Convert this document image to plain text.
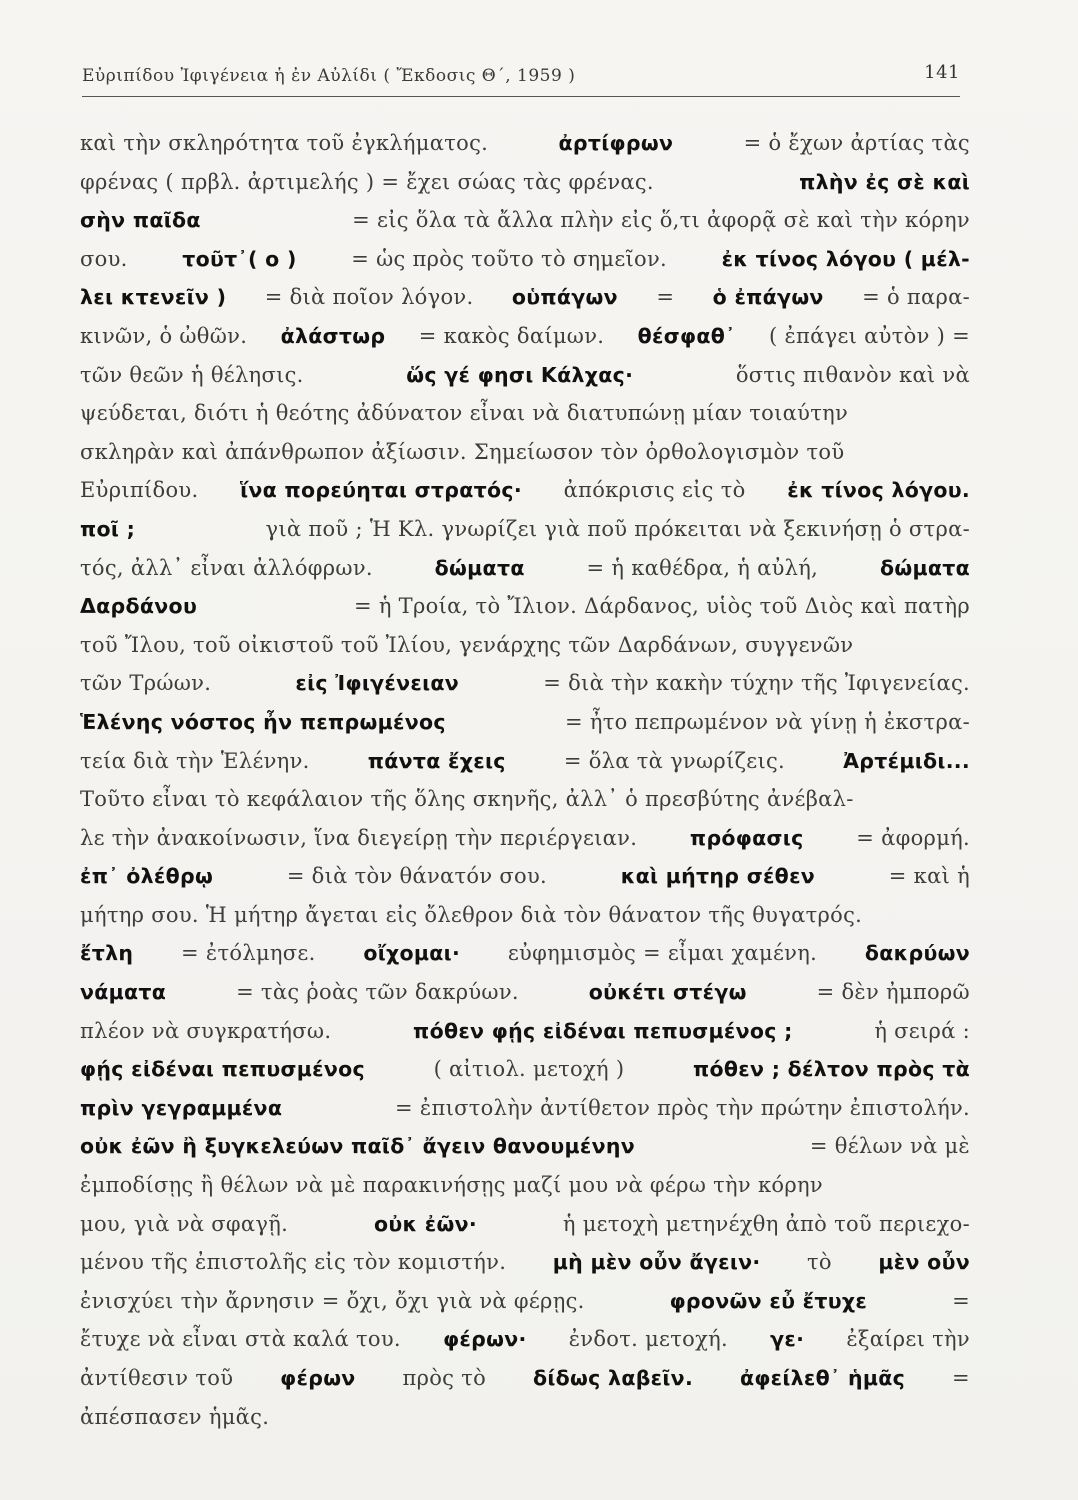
Εὐριπίδου Ἰφιγένεια ἡ ἐν Αὐλίδι ( Ἔκδοσις Θ΄, 1959 )	141
καὶ τὴν σκληρότητα τοῦ ἐγκλήματος.	ἀρτίφρων	= ὁ ἔχων ἀρτίας τὰς
φρένας ( πρβλ. ἀρτιμελής ) = ἔχει σώας τὰς φρένας.	πλὴν ἐς σὲ καὶ
σὴν παῖδα	= εἰς ὅλα τὰ ἄλλα πλὴν εἰς ὅ,τι ἀφορᾷ σὲ καὶ τὴν κόρην
σου.	τοῦτ᾽( ο )	= ὡς πρὸς τοῦτο τὸ σημεῖον.	ἐκ τίνος λόγου ( μέλ-
λει κτενεῖν ) = διὰ ποῖον λόγον. οὑπάγων = ὁ ἐπάγων = ὁ παρα-
κινῶν, ὁ ὠθῶν. ἀλάστωρ = κακὸς δαίμων. θέσφαθ᾽ ( ἐπάγει αὐτὸν ) =
τῶν θεῶν ἡ θέλησις.	ὥς γέ φησι Κάλχας·	ὅστις πιθανὸν καὶ νὰ
ψεύδεται, διότι ἡ θεότης ἀδύνατον εἶναι νὰ διατυπώνῃ μίαν τοιαύτην
σκληρὰν καὶ ἀπάνθρωπον ἀξίωσιν. Σημείωσον τὸν ὀρθολογισμὸν τοῦ
Εὐριπίδου. ἵνα πορεύηται στρατός· ἀπόκρισις εἰς τὸ ἐκ τίνος λόγου.
ποῖ ;	γιὰ ποῦ ; Ἡ Κλ. γνωρίζει γιὰ ποῦ πρόκειται νὰ ξεκινήσῃ ὁ στρα-
τός, ἀλλ᾽ εἶναι ἀλλόφρων.	δώματα	= ἡ καθέδρα, ἡ αὐλή,	δώματα
Δαρδάνου	= ἡ Τροία, τὸ Ἴλιον. Δάρδανος, υἱὸς τοῦ Διὸς καὶ πατὴρ
τοῦ Ἴλου, τοῦ οἰκιστοῦ τοῦ Ἰλίου, γενάρχης τῶν Δαρδάνων, συγγενῶν
τῶν Τρώων.	εἰς Ἰφιγένειαν	= διὰ τὴν κακὴν τύχην τῆς Ἰφιγενείας.
Ἑλένης νόστος ἦν πεπρωμένος	= ἦτο πεπρωμένον νὰ γίνῃ ἡ ἐκστρα-
τεία διὰ τὴν Ἑλένην.	πάντα ἔχεις	= ὅλα τὰ γνωρίζεις.	Ἀρτέμιδι...
Τοῦτο εἶναι τὸ κεφάλαιον τῆς ὅλης σκηνῆς, ἀλλ᾽ ὁ πρεσβύτης ἀνέβαλ-
λε τὴν ἀνακοίνωσιν, ἵνα διεγείρῃ τὴν περιέργειαν.	πρόφασις	= ἀφορμή.
ἐπ᾽ ὀλέθρῳ	= διὰ τὸν θάνατόν σου.	καὶ μήτηρ σέθεν	= καὶ ἡ
μήτηρ σου. Ἡ μήτηρ ἄγεται εἰς ὄλεθρον διὰ τὸν θάνατον τῆς θυγατρός.
ἔτλη = ἐτόλμησε. οἴχομαι· εὐφημισμὸς = εἶμαι χαμένη. δακρύων
νάματα	= τὰς ῥοὰς τῶν δακρύων.	οὐκέτι στέγω	= δὲν ἠμπορῶ
πλέον νὰ συγκρατήσω.	πόθεν φῄς εἰδέναι πεπυσμένος ;	ἡ σειρά :
φῄς εἰδέναι πεπυσμένος	( αἰτιολ. μετοχή )	πόθεν ; δέλτον πρὸς τὰ
πρὶν γεγραμμένα	= ἐπιστολὴν ἀντίθετον πρὸς τὴν πρώτην ἐπιστολήν.
οὐκ ἐῶν ἢ ξυγκελεύων παῖδ᾽ ἄγειν θανουμένην	= θέλων νὰ μὲ
ἐμποδίσῃς ἢ θέλων νὰ μὲ παρακινήσῃς μαζί μου νὰ φέρω τὴν κόρην
μου, γιὰ νὰ σφαγῇ.	οὐκ ἐῶν·	ἡ μετοχὴ μετηνέχθη ἀπὸ τοῦ περιεχο-
μένου τῆς ἐπιστολῆς εἰς τὸν κομιστήν. μὴ μὲν οὖν ἄγειν· τὸ μὲν οὖν
ἐνισχύει τὴν ἄρνησιν = ὄχι, ὄχι γιὰ νὰ φέρῃς.	φρονῶν εὖ ἔτυχε	=
ἔτυχε νὰ εἶναι στὰ καλά του. φέρων· ἐνδοτ. μετοχή. γε· ἐξαίρει τὴν
ἀντίθεσιν τοῦ φέρων πρὸς τὸ δίδως λαβεῖν. ἀφείλεθ᾽ ἡμᾶς =
ἀπέσπασεν ἡμᾶς.
